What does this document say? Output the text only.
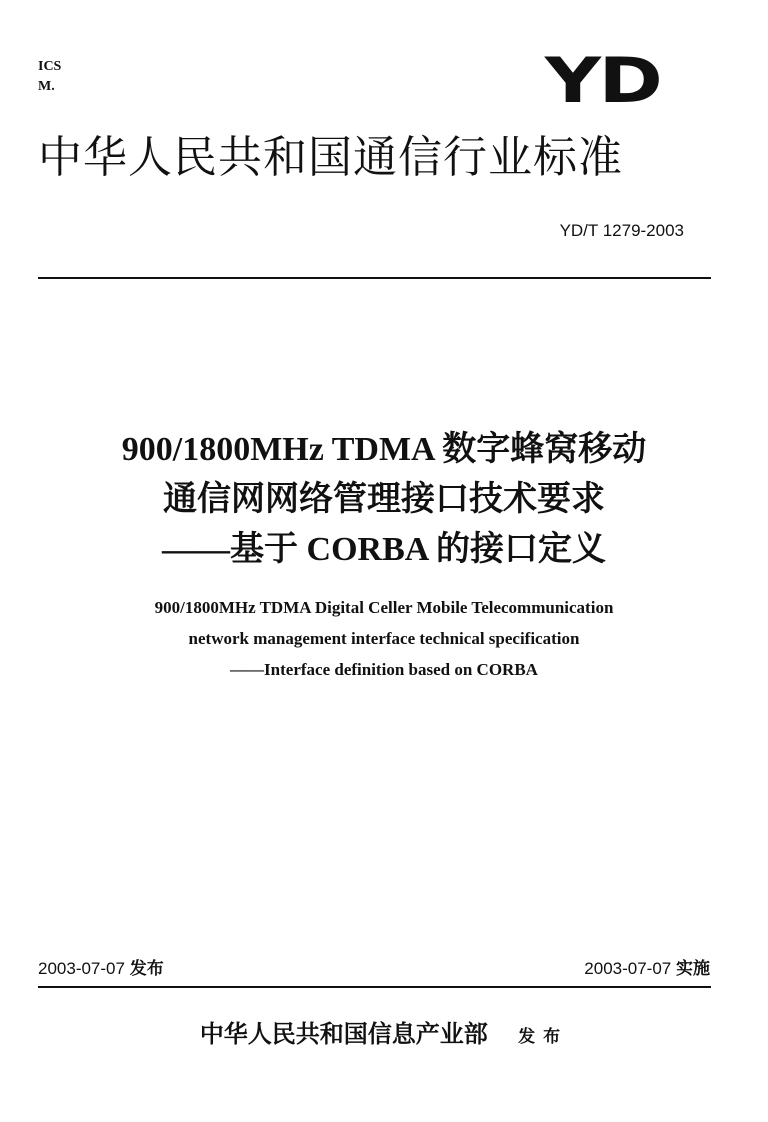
ICS
M.	YD
中华人民共和国通信行业标准
YD/T 1279-2003
900/1800MHz TDMA 数字蜂窝移动
通信网网络管理接口技术要求
——基于 CORBA 的接口定义
900/1800MHz TDMA Digital Celler Mobile Telecommunication
network management interface technical specification
——Interface definition based on CORBA
2003-07-07 发布	2003-07-07 实施
中华人民共和国信息产业部 发布
